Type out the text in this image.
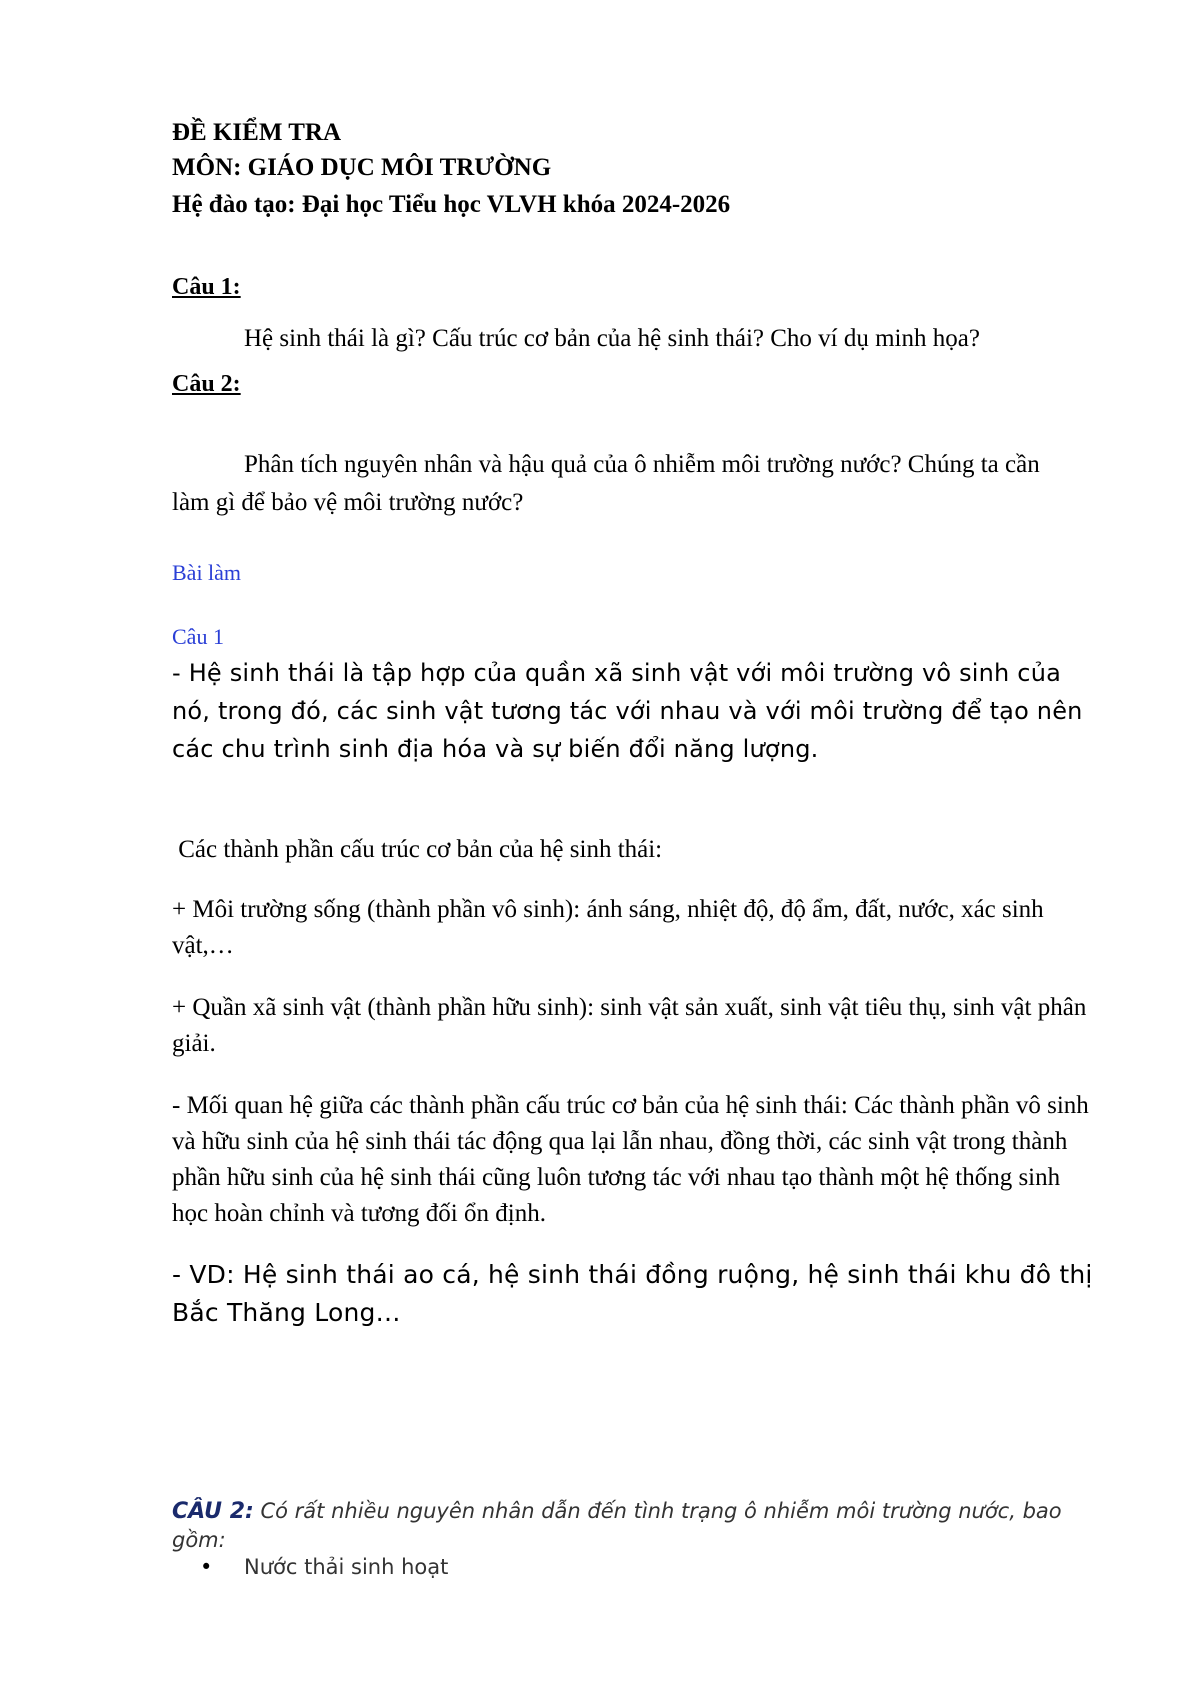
ĐỀ KIỂM TRA

MÔN: GIÁO DỤC MÔI TRƯỜNG

Hệ đào tạo: Đại học Tiểu học VLVH khóa 2024-2026

Câu 1:

Hệ sinh thái là gì? Cấu trúc cơ bản của hệ sinh thái? Cho ví dụ minh họa?

Câu 2:

Phân tích nguyên nhân và hậu quả của ô nhiễm môi trường nước? Chúng ta cần làm gì để bảo vệ môi trường nước?

Bài làm

Câu 1

- Hệ sinh thái là tập hợp của quần xã sinh vật với môi trường vô sinh của nó, trong đó, các sinh vật tương tác với nhau và với môi trường để tạo nên các chu trình sinh địa hóa và sự biến đổi năng lượng.

Các thành phần cấu trúc cơ bản của hệ sinh thái:

+ Môi trường sống (thành phần vô sinh): ánh sáng, nhiệt độ, độ ẩm, đất, nước, xác sinh vật,…

+ Quần xã sinh vật (thành phần hữu sinh): sinh vật sản xuất, sinh vật tiêu thụ, sinh vật phân giải.

- Mối quan hệ giữa các thành phần cấu trúc cơ bản của hệ sinh thái: Các thành phần vô sinh và hữu sinh của hệ sinh thái tác động qua lại lẫn nhau, đồng thời, các sinh vật trong thành phần hữu sinh của hệ sinh thái cũng luôn tương tác với nhau tạo thành một hệ thống sinh học hoàn chỉnh và tương đối ổn định.

- VD: Hệ sinh thái ao cá, hệ sinh thái đồng ruộng, hệ sinh thái khu đô thị Bắc Thăng Long…

CÂU 2: Có rất nhiều nguyên nhân dẫn đến tình trạng ô nhiễm môi trường nước, bao gồm:

• Nước thải sinh hoạt
